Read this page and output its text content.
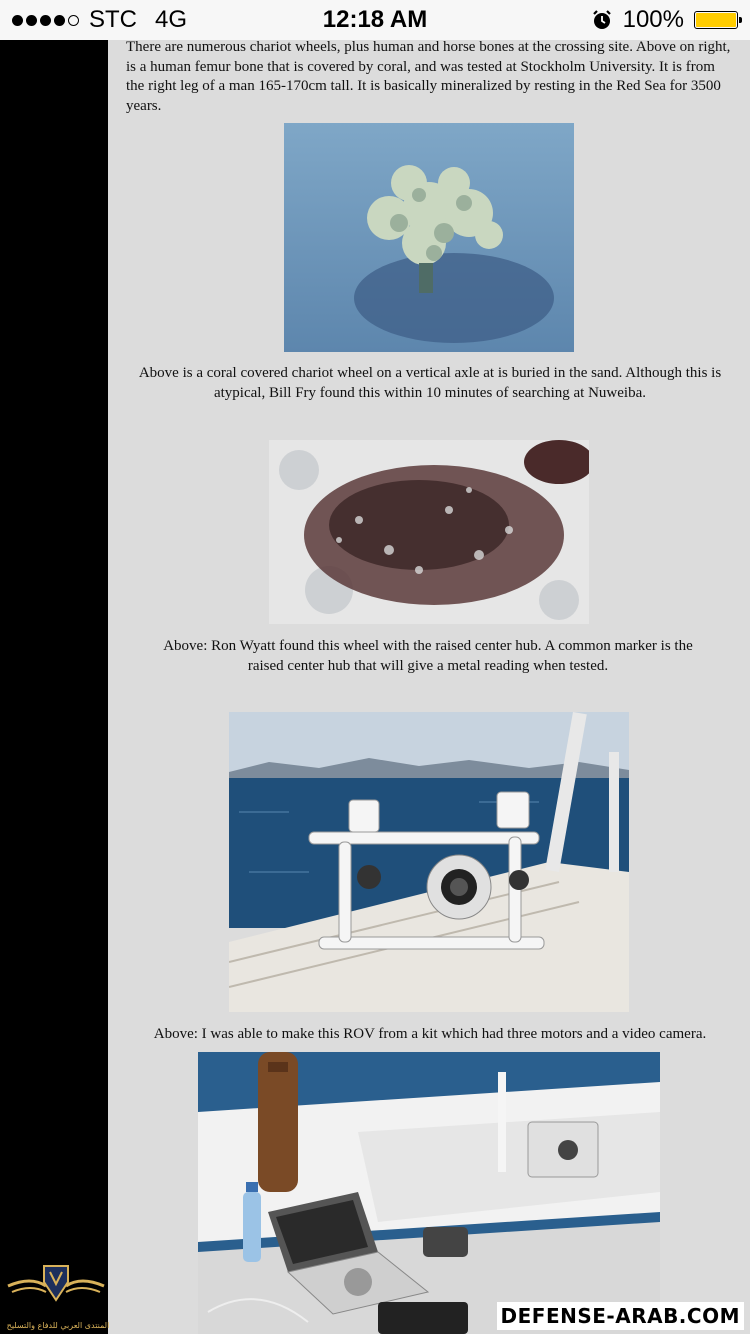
STC 4G	12:18 AM	100%
There are numerous chariot wheels, plus human and horse bones at the crossing site. Above on right, is a human femur bone that is covered by coral, and was tested at Stockholm University. It is from the right leg of a man 165-170cm tall. It is basically mineralized by resting in the Red Sea for 3500 years.
Above is a coral covered chariot wheel on a vertical axle at is buried in the sand. Although this is atypical, Bill Fry found this within 10 minutes of searching at Nuweiba.
Above: Ron Wyatt found this wheel with the raised center hub. A common marker is the raised center hub that will give a metal reading when tested.
Above: I was able to make this ROV from a kit which had three motors and a video camera.
المنتدى العربي للدفاع والتسليح	DEFENSE-ARAB.COM
